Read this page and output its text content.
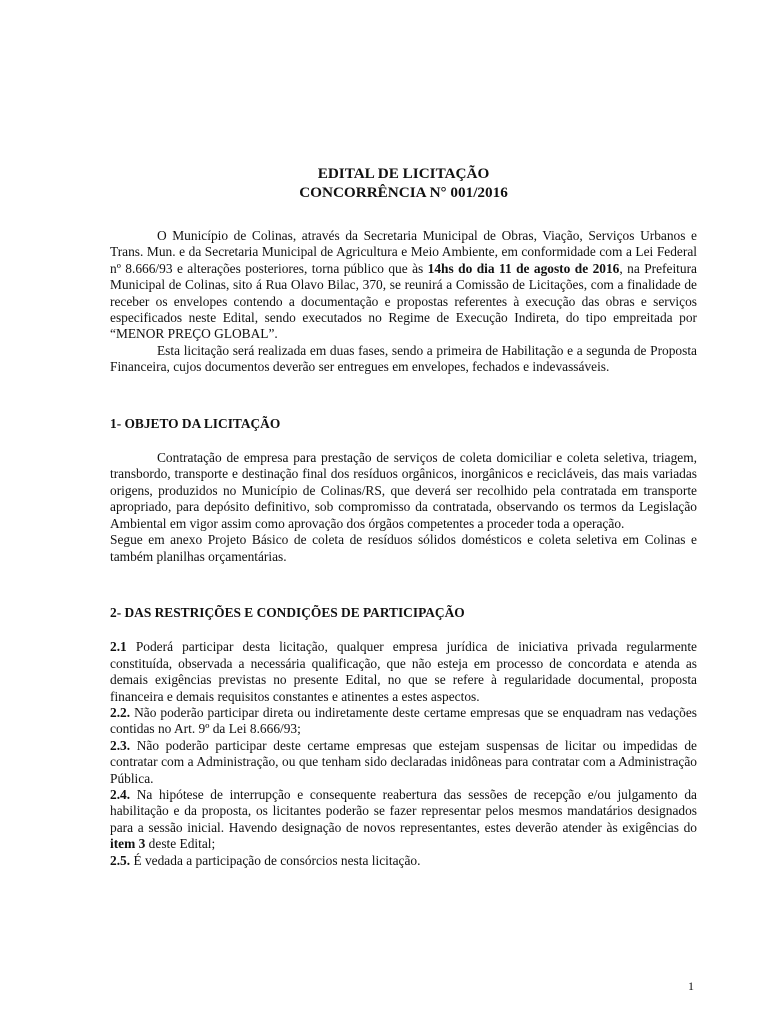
EDITAL DE LICITAÇÃO

CONCORRÊNCIA N° 001/2016

O Município de Colinas, através da Secretaria Municipal de Obras, Viação, Serviços Urbanos e Trans. Mun. e da Secretaria Municipal de Agricultura e Meio Ambiente, em conformidade com a Lei Federal nº 8.666/93 e alterações posteriores, torna público que às 14hs do dia 11 de agosto de 2016, na Prefeitura Municipal de Colinas, sito á Rua Olavo Bilac, 370, se reunirá a Comissão de Licitações, com a finalidade de receber os envelopes contendo a documentação e propostas referentes à execução das obras e serviços especificados neste Edital, sendo executados no Regime de Execução Indireta, do tipo empreitada por “MENOR PREÇO GLOBAL”.

Esta licitação será realizada em duas fases, sendo a primeira de Habilitação e a segunda de Proposta Financeira, cujos documentos deverão ser entregues em envelopes, fechados e indevassáveis.

1- OBJETO DA LICITAÇÃO

Contratação de empresa para prestação de serviços de coleta domiciliar e coleta seletiva, triagem, transbordo, transporte e destinação final dos resíduos orgânicos, inorgânicos e recicláveis, das mais variadas origens, produzidos no Município de Colinas/RS, que deverá ser recolhido pela contratada em transporte apropriado, para depósito definitivo, sob compromisso da contratada, observando os termos da Legislação Ambiental em vigor assim como aprovação dos órgãos competentes a proceder toda a operação.

Segue em anexo Projeto Básico de coleta de resíduos sólidos domésticos e coleta seletiva em Colinas e também planilhas orçamentárias.

2- DAS RESTRIÇÕES E CONDIÇÕES DE PARTICIPAÇÃO

2.1 Poderá participar desta licitação, qualquer empresa jurídica de iniciativa privada regularmente constituída, observada a necessária qualificação, que não esteja em processo de concordata e atenda as demais exigências previstas no presente Edital, no que se refere à regularidade documental, proposta financeira e demais requisitos constantes e atinentes a estes aspectos.

2.2. Não poderão participar direta ou indiretamente deste certame empresas que se enquadram nas vedações contidas no Art. 9º da Lei 8.666/93;

2.3. Não poderão participar deste certame empresas que estejam suspensas de licitar ou impedidas de contratar com a Administração, ou que tenham sido declaradas inidôneas para contratar com a Administração Pública.

2.4. Na hipótese de interrupção e consequente reabertura das sessões de recepção e/ou julgamento da habilitação e da proposta, os licitantes poderão se fazer representar pelos mesmos mandatários designados para a sessão inicial. Havendo designação de novos representantes, estes deverão atender às exigências do item 3 deste Edital;

2.5. É vedada a participação de consórcios nesta licitação.

1
